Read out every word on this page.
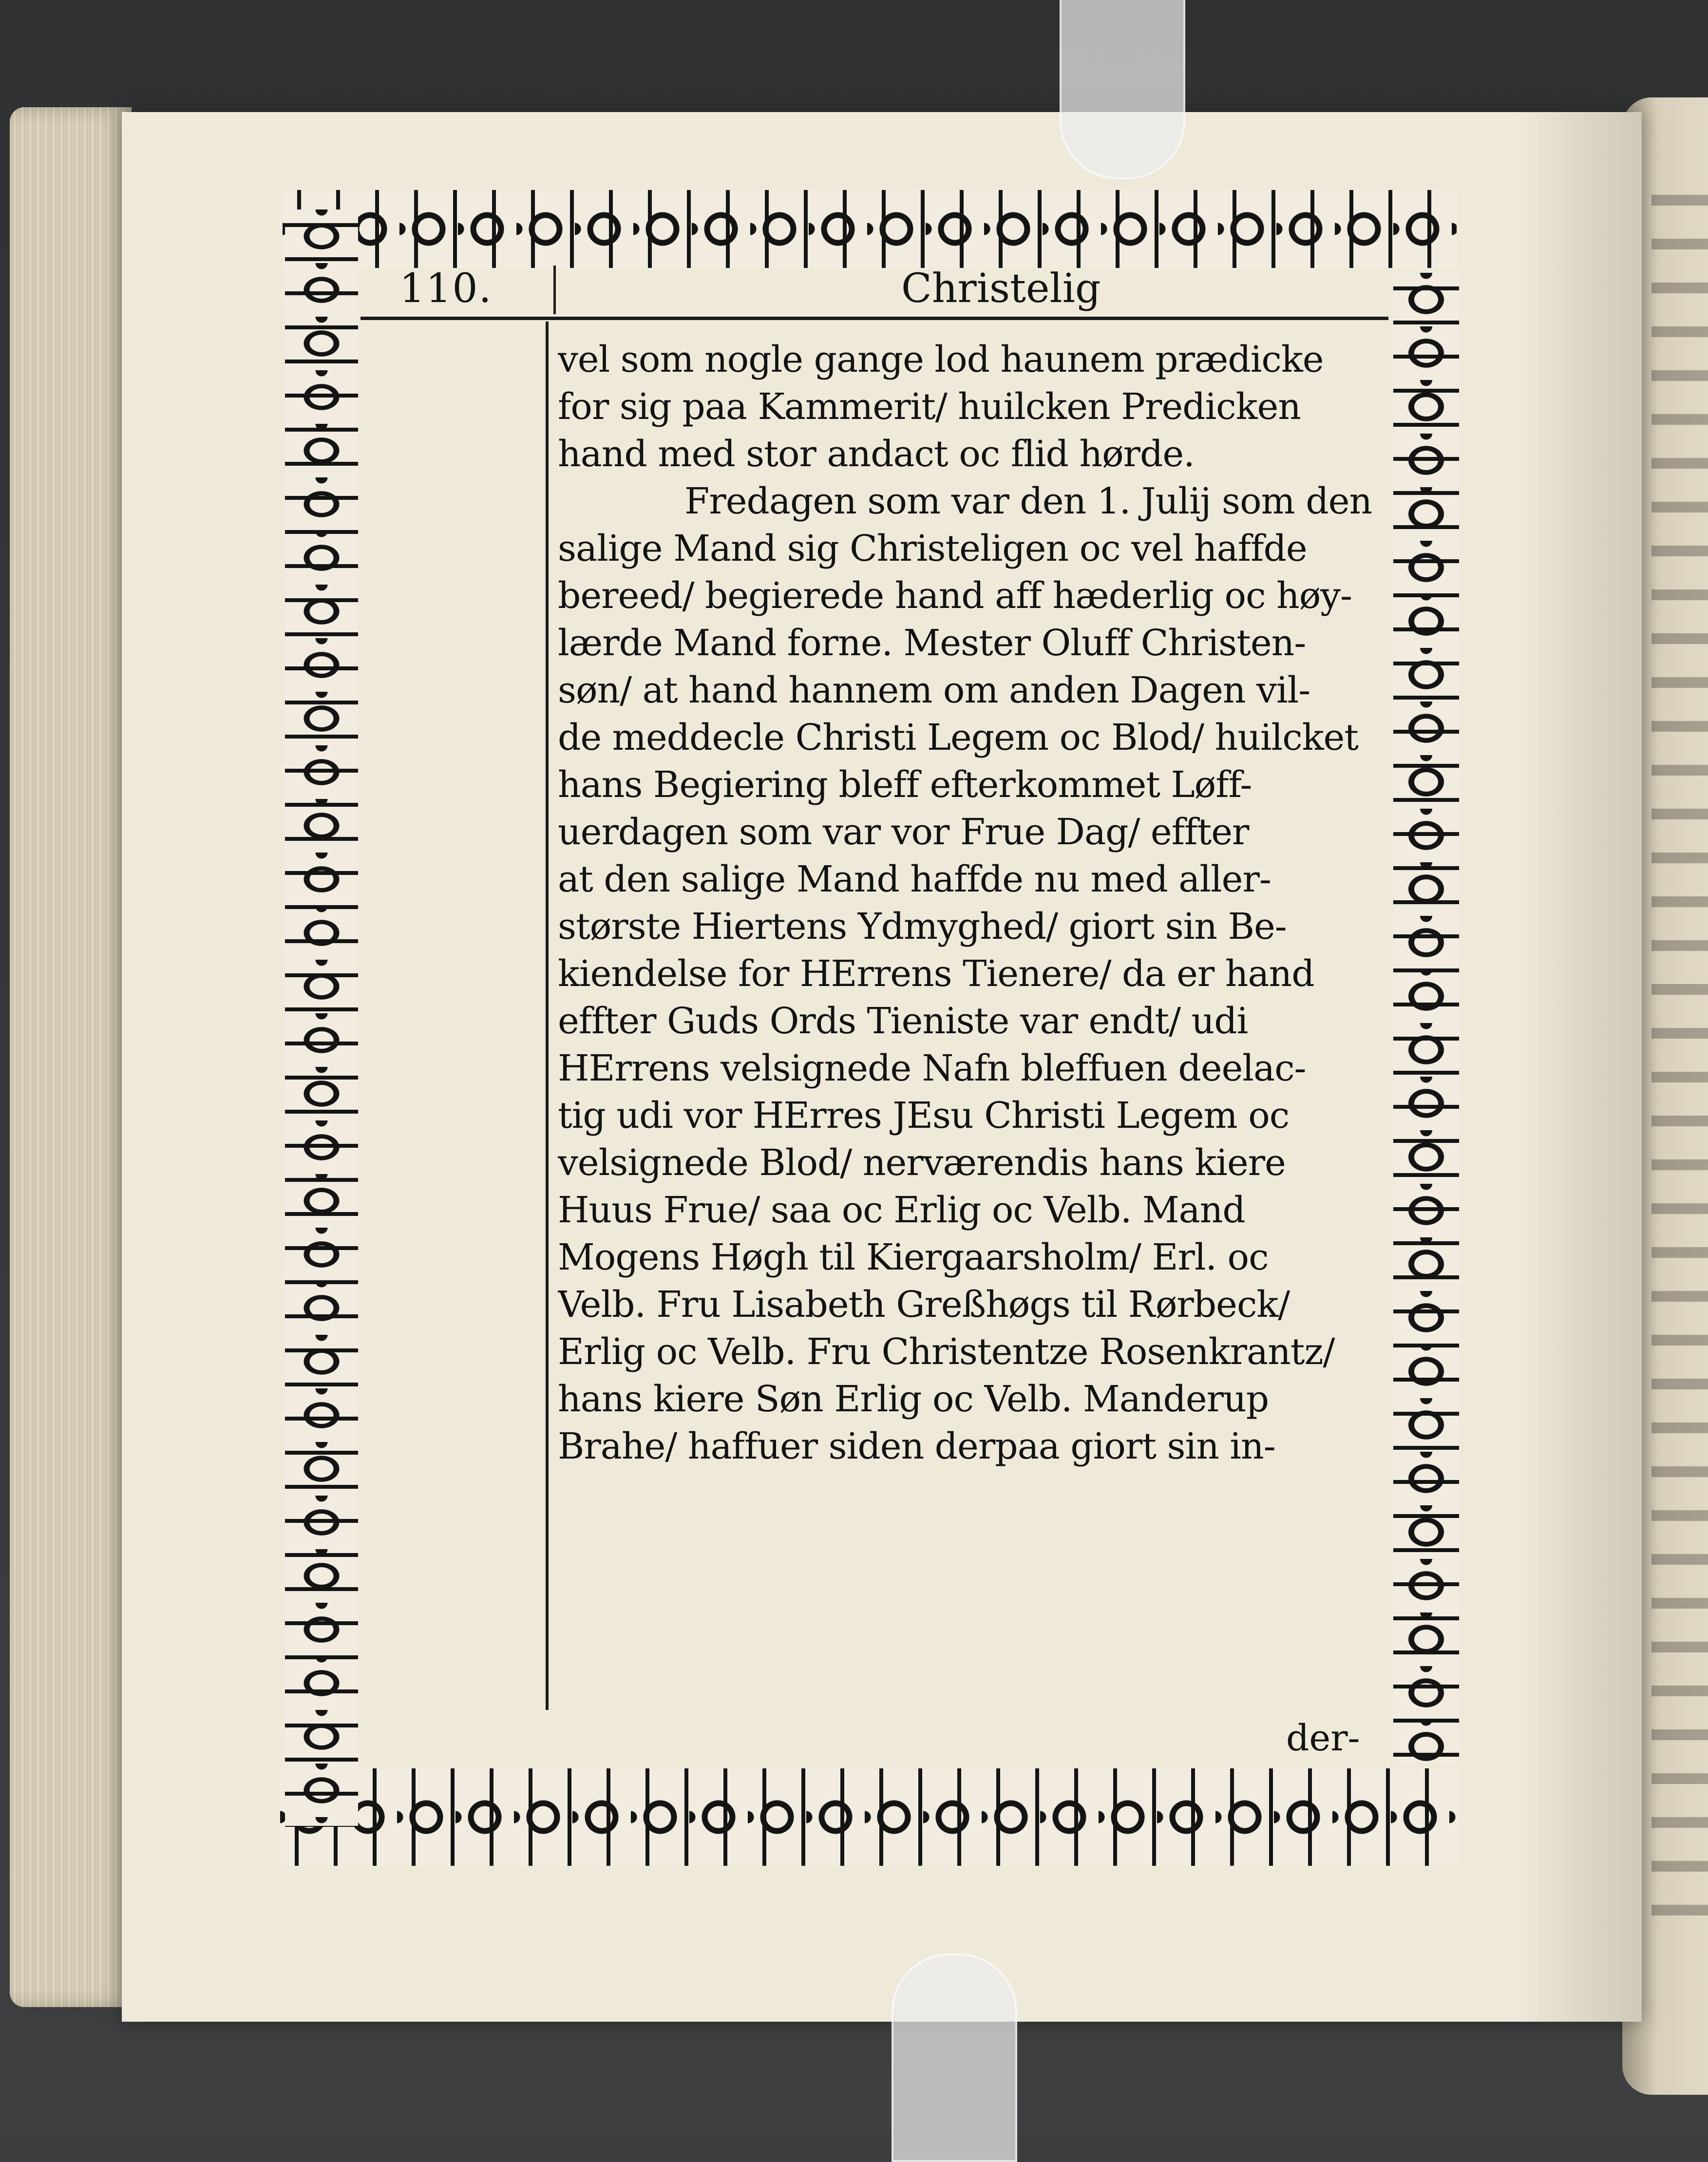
110.	Christelig
vel som nogle gange lod haunem prædicke
for sig paa Kammerit/ huilcken Predicken
hand med stor andact oc flid hørde.
Fredagen som var den 1. Julij som den
salige Mand sig Christeligen oc vel haffde
bereed/ begierede hand aff hæderlig oc høy-
lærde Mand forne. Mester Oluff Christen-
søn/ at hand hannem om anden Dagen vil-
de meddecle Christi Legem oc Blod/ huilcket
hans Begiering bleff efterkommet Løff-
uerdagen som var vor Frue Dag/ effter
at den salige Mand haffde nu med aller-
største Hiertens Ydmyghed/ giort sin Be-
kiendelse for HErrens Tienere/ da er hand
effter Guds Ords Tieniste var endt/ udi
HErrens velsignede Nafn bleffuen deelac-
tig udi vor HErres JEsu Christi Legem oc
velsignede Blod/ nerværendis hans kiere
Huus Frue/ saa oc Erlig oc Velb. Mand
Mogens Høgh til Kiergaarsholm/ Erl. oc
Velb. Fru Lisabeth Greßhøgs til Rørbeck/
Erlig oc Velb. Fru Christentze Rosenkrantz/
hans kiere Søn Erlig oc Velb. Manderup
Brahe/ haffuer siden derpaa giort sin in-
der-
